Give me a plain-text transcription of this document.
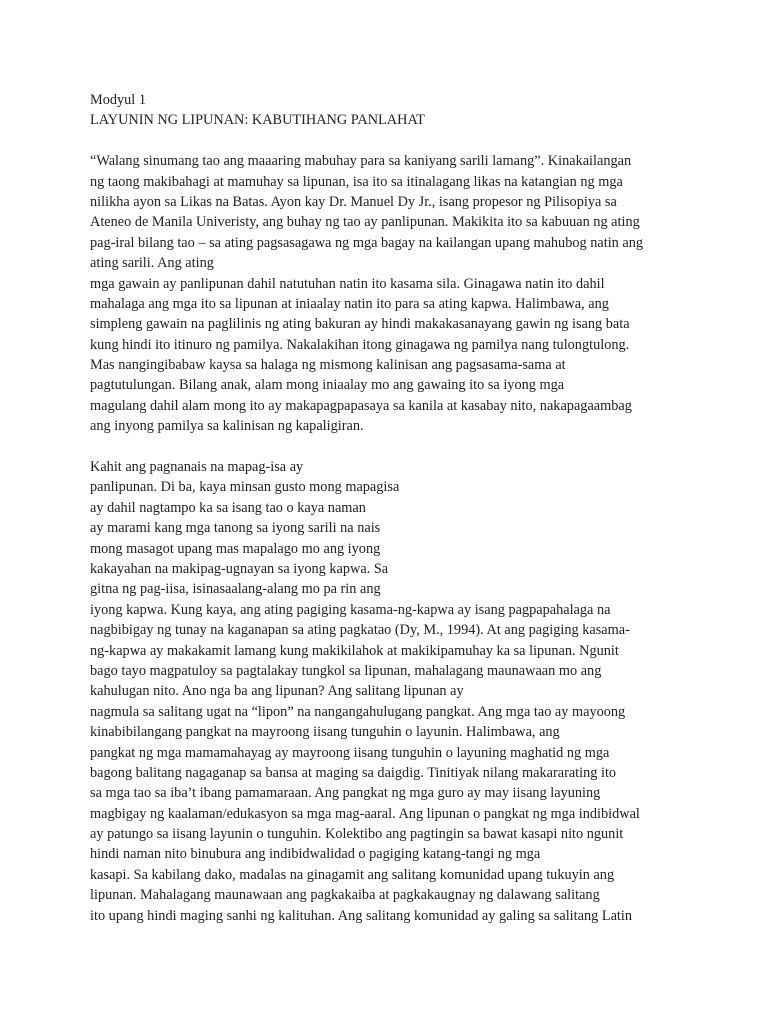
Modyul 1
LAYUNIN NG LIPUNAN: KABUTIHANG PANLAHAT
“Walang sinumang tao ang maaaring mabuhay para sa kaniyang sarili lamang”. Kinakailangan
ng taong makibahagi at mamuhay sa lipunan, isa ito sa itinalagang likas na katangian ng mga
nilikha ayon sa Likas na Batas. Ayon kay Dr. Manuel Dy Jr., isang propesor ng Pilisopiya sa
Ateneo de Manila Univeristy, ang buhay ng tao ay panlipunan. Makikita ito sa kabuuan ng ating
pag-iral bilang tao – sa ating pagsasagawa ng mga bagay na kailangan upang mahubog natin ang
ating sarili. Ang ating
mga gawain ay panlipunan dahil natutuhan natin ito kasama sila. Ginagawa natin ito dahil
mahalaga ang mga ito sa lipunan at iniaalay natin ito para sa ating kapwa. Halimbawa, ang
simpleng gawain na paglilinis ng ating bakuran ay hindi makakasanayang gawin ng isang bata
kung hindi ito itinuro ng pamilya. Nakalakihan itong ginagawa ng pamilya nang tulongtulong.
Mas nangingibabaw kaysa sa halaga ng mismong kalinisan ang pagsasama-sama at
pagtutulungan. Bilang anak, alam mong iniaalay mo ang gawaing ito sa iyong mga
magulang dahil alam mong ito ay makapagpapasaya sa kanila at kasabay nito, nakapagaambag
ang inyong pamilya sa kalinisan ng kapaligiran.
Kahit ang pagnanais na mapag-isa ay
panlipunan. Di ba, kaya minsan gusto mong mapagisa
ay dahil nagtampo ka sa isang tao o kaya naman
ay marami kang mga tanong sa iyong sarili na nais
mong masagot upang mas mapalago mo ang iyong
kakayahan na makipag-ugnayan sa iyong kapwa. Sa
gitna ng pag-iisa, isinasaalang-alang mo pa rin ang
iyong kapwa. Kung kaya, ang ating pagiging kasama-ng-kapwa ay isang pagpapahalaga na
nagbibigay ng tunay na kaganapan sa ating pagkatao (Dy, M., 1994). At ang pagiging kasama-
ng-kapwa ay makakamit lamang kung makikilahok at makikipamuhay ka sa lipunan. Ngunit
bago tayo magpatuloy sa pagtalakay tungkol sa lipunan, mahalagang maunawaan mo ang
kahulugan nito. Ano nga ba ang lipunan? Ang salitang lipunan ay
nagmula sa salitang ugat na “lipon” na nangangahulugang pangkat. Ang mga tao ay mayoong
kinabibilangang pangkat na mayroong iisang tunguhin o layunin. Halimbawa, ang
pangkat ng mga mamamahayag ay mayroong iisang tunguhin o layuning maghatid ng mga
bagong balitang nagaganap sa bansa at maging sa daigdig. Tinitiyak nilang makararating ito
sa mga tao sa iba’t ibang pamamaraan. Ang pangkat ng mga guro ay may iisang layuning
magbigay ng kaalaman/edukasyon sa mga mag-aaral. Ang lipunan o pangkat ng mga indibidwal
ay patungo sa iisang layunin o tunguhin. Kolektibo ang pagtingin sa bawat kasapi nito ngunit
hindi naman nito binubura ang indibidwalidad o pagiging katang-tangi ng mga
kasapi. Sa kabilang dako, madalas na ginagamit ang salitang komunidad upang tukuyin ang
lipunan. Mahalagang maunawaan ang pagkakaiba at pagkakaugnay ng dalawang salitang
ito upang hindi maging sanhi ng kalituhan. Ang salitang komunidad ay galing sa salitang Latin
